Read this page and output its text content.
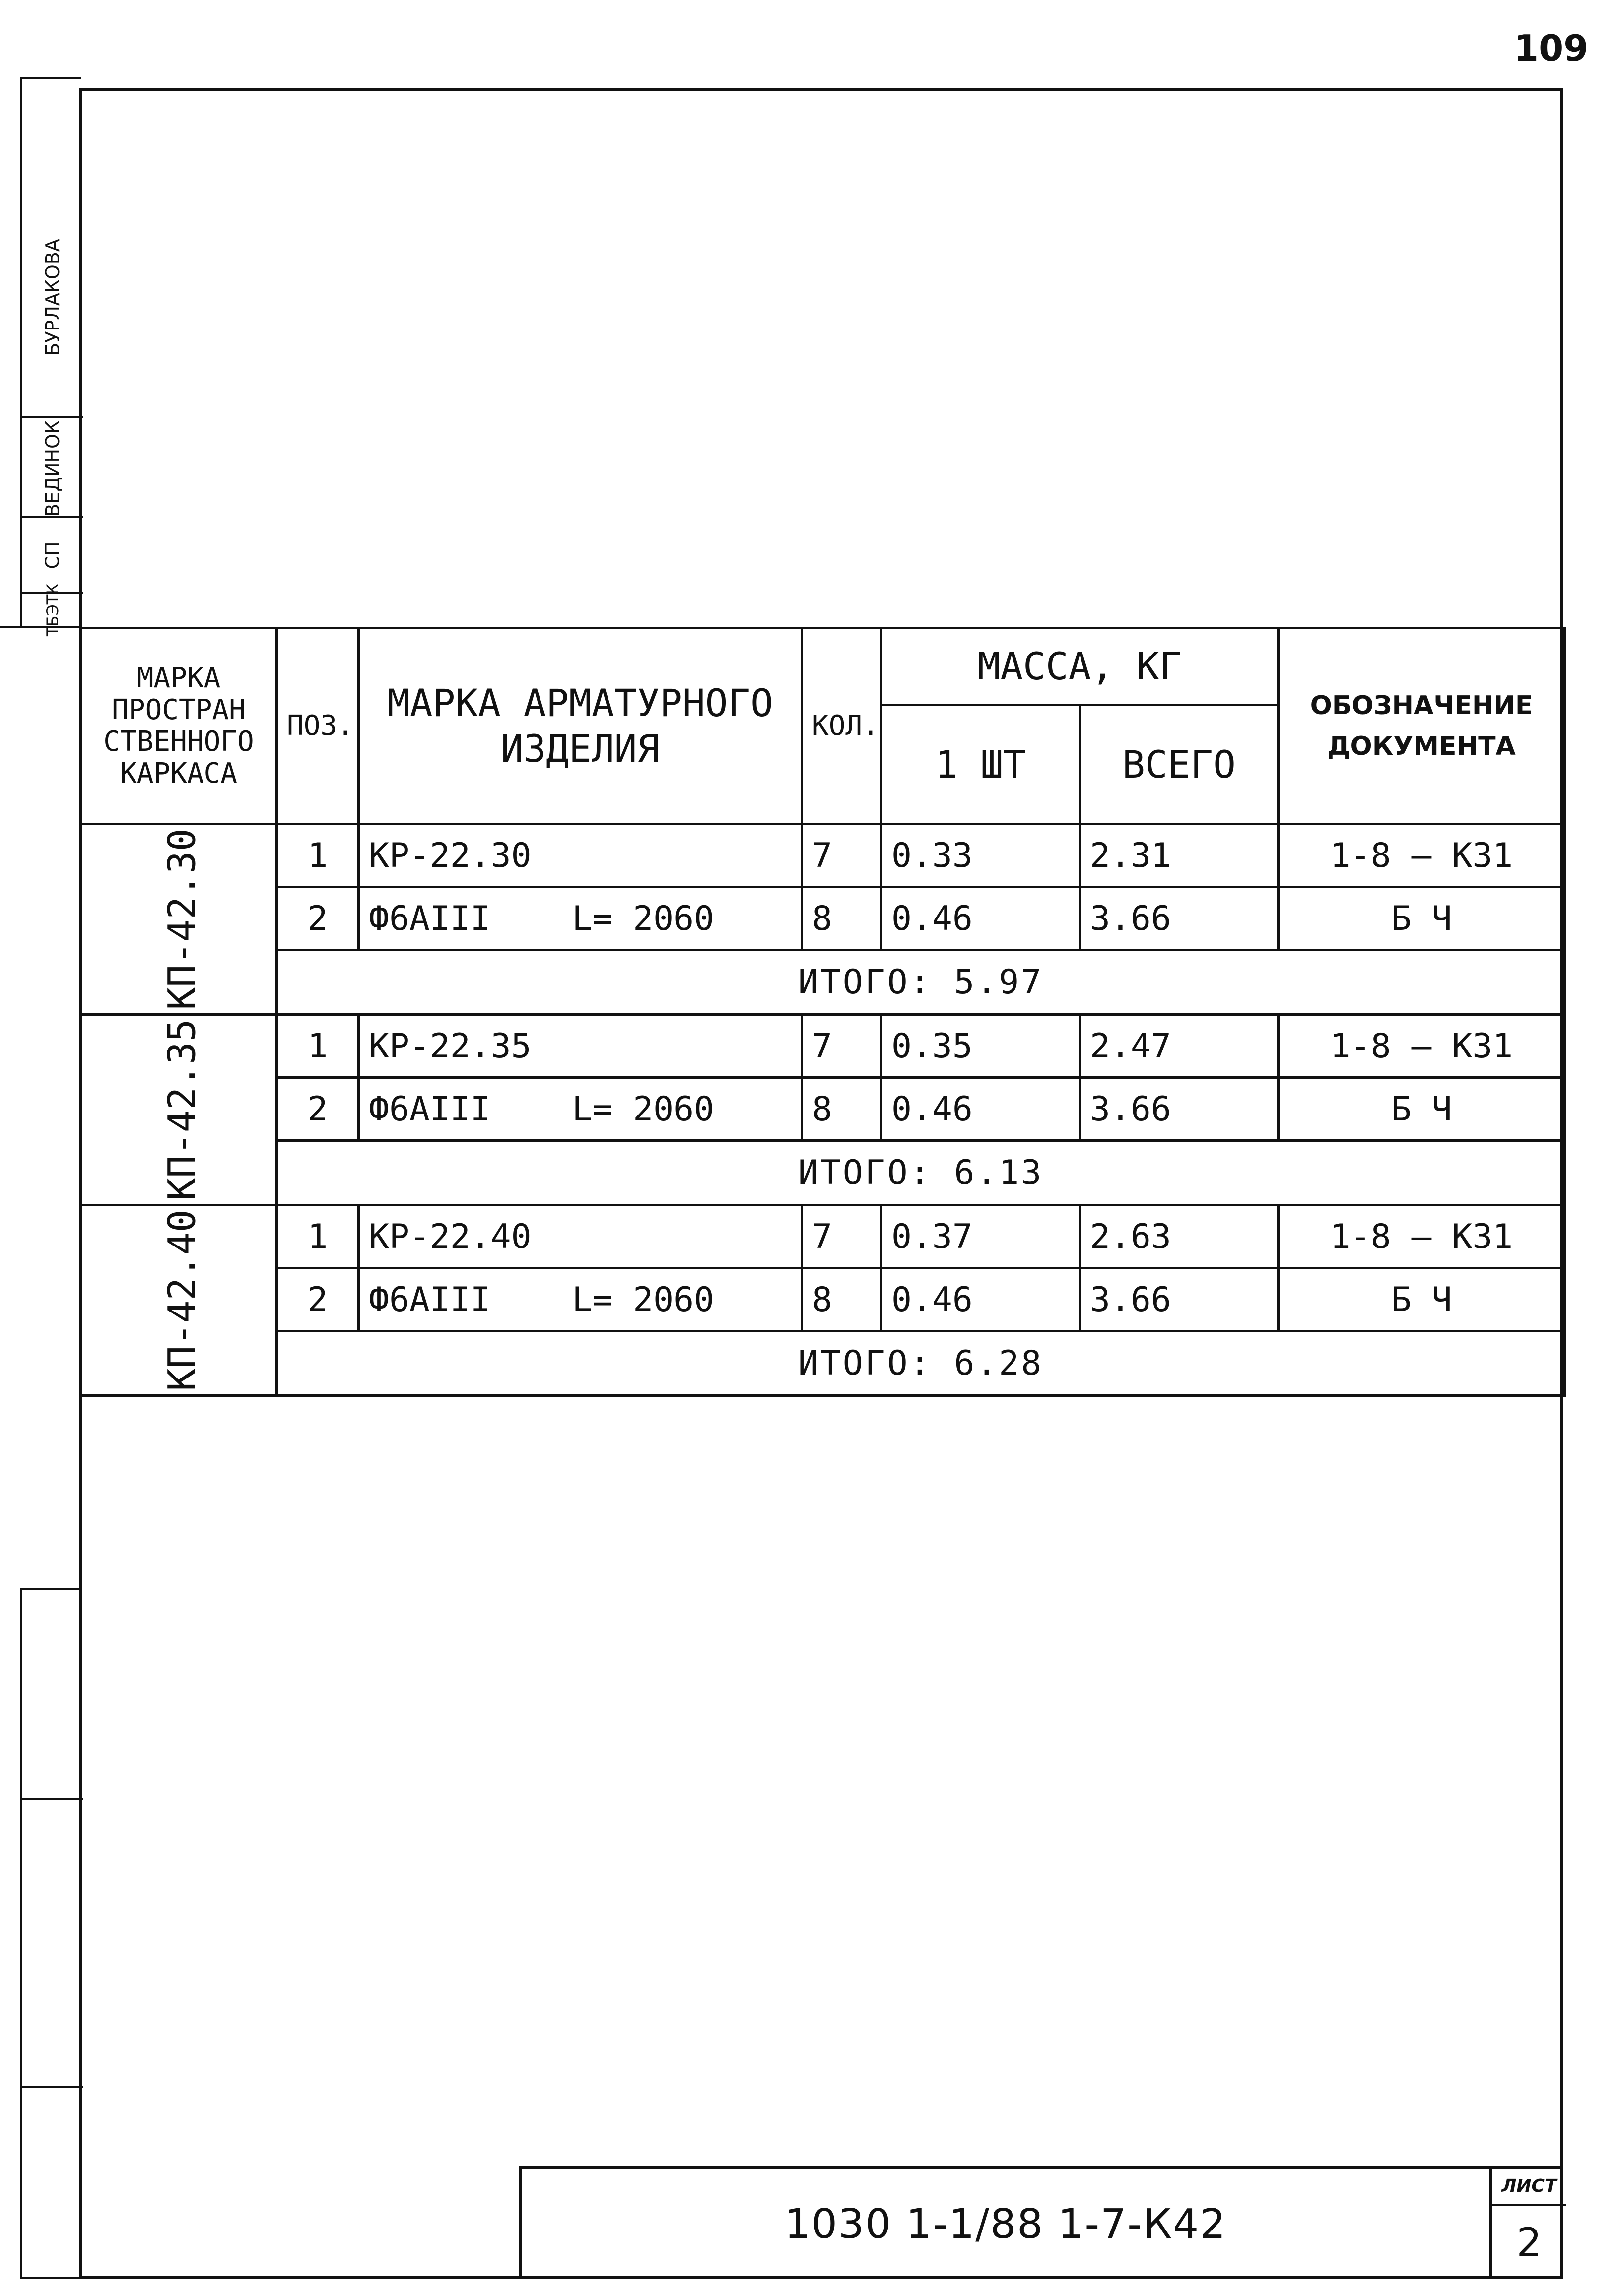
109
БУРЛАКОВА
ВЕДИНОК
СП
ТБЭТК
МАРКА ПРОСТРАН СТВЕННОГО КАРКАСА	ПОЗ.	МАРКА АРМАТУРНОГО ИЗДЕЛИЯ	КОЛ.	МАССА, КГ		ОБОЗНАЧЕНИЕ ДОКУМЕНТА
				1 ШТ	ВСЕГО	
КП-42.30	1	КР-22.30	7	0.33	2.31	1-8 — К31
	2	Ф6АIII    L= 2060	8	0.46	3.66	Б Ч
	ИТОГО: 5.97					
КП-42.35	1	КР-22.35	7	0.35	2.47	1-8 — К31
	2	Ф6АIII    L= 2060	8	0.46	3.66	Б Ч
	ИТОГО: 6.13					
КП-42.40	1	КР-22.40	7	0.37	2.63	1-8 — К31
	2	Ф6АIII    L= 2060	8	0.46	3.66	Б Ч
	ИТОГО: 6.28					
1030 1-1/88 1-7-К42
ЛИСТ
2
